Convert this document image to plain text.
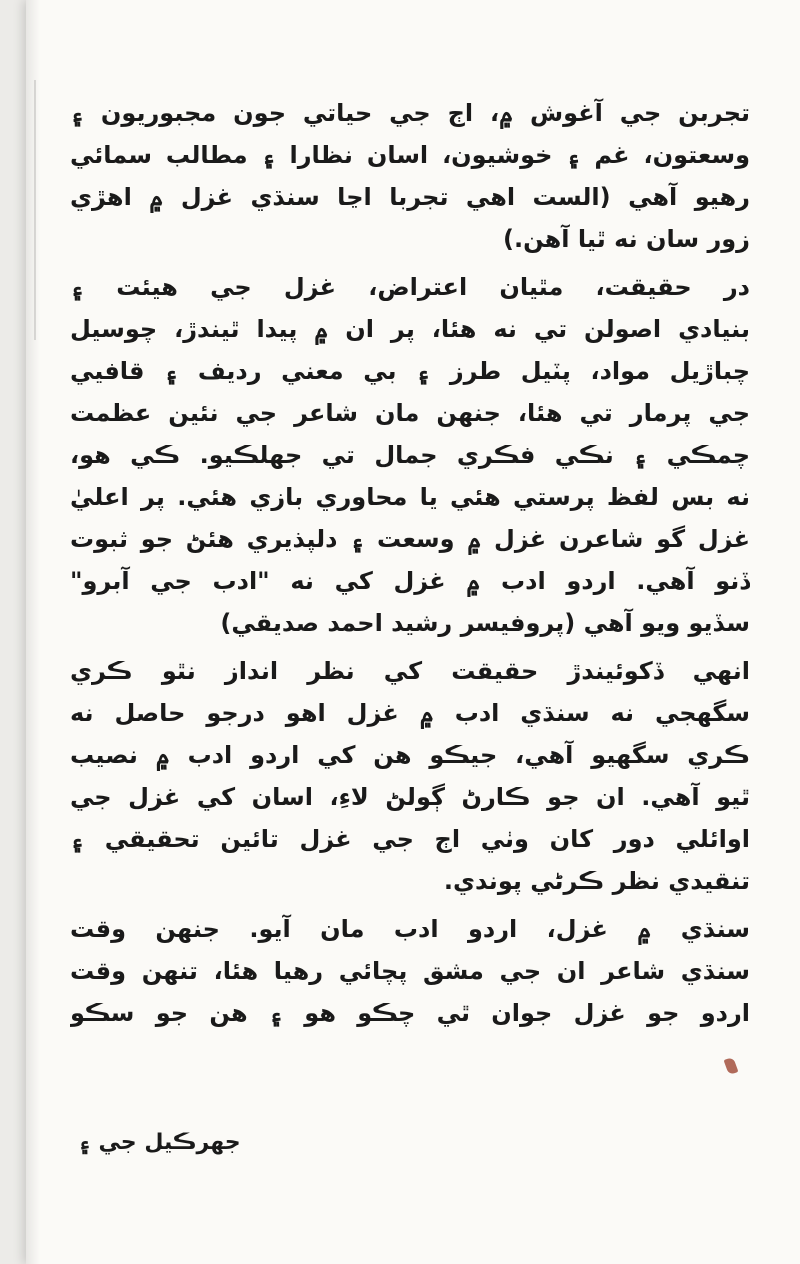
تجربن جي آغوش ۾، اڄ جي حياتي جون مجبوريون ۽
وسعتون، غم ۽ خوشيون، اسان نظارا ۽ مطالب سمائي
رهيو آهي (الست اهي تجربا اڃا سنڌي غزل ۾ اهڙي
زور سان نه ٿيا آهن.)
در حقيقت، مٿيان اعتراض، غزل جي هيئت ۽
بنيادي اصولن تي نه هئا، پر ان ۾ پيدا ٿيندڙ، چوسيل
چباڙيل مواد، پٽيل طرز ۽ بي معني رديف ۽ قافيي
جي پرمار تي هئا، جنهن مان شاعر جي نئين عظمت
چمڪي ۽ نڪي فڪري جمال تي جهلڪيو. ڪي هو،
نه بس لفظ پرستي هئي يا محاوري بازي هئي. پر اعليٰ
غزل گو شاعرن غزل ۾ وسعت ۽ دلپذيري هئڻ جو ثبوت
ڏنو آهي. اردو ادب ۾ غزل کي نه "ادب جي آبرو"
سڏيو ويو آهي (پروفيسر رشيد احمد صديقي)
انهي ڏکوئيندڙ حقيقت کي نظر انداز نٿو ڪري
سگهجي نه سنڌي ادب ۾ غزل اهو درجو حاصل نه
ڪري سگهيو آهي، جيڪو هن کي اردو ادب ۾ نصيب
ٿيو آهي. ان جو ڪارڻ ڳولڻ لاءِ، اسان کي غزل جي
اوائلي دور کان وٺي اڄ جي غزل تائين تحقيقي ۽
تنقيدي نظر ڪرڻي پوندي.
سنڌي ۾ غزل، اردو ادب مان آيو. جنهن وقت
سنڌي شاعر ان جي مشق پچائي رهيا هئا، تنهن وقت
اردو جو غزل جوان ٿي چڪو هو ۽ هن جو سڪو
جهرڪيل جي ۽
